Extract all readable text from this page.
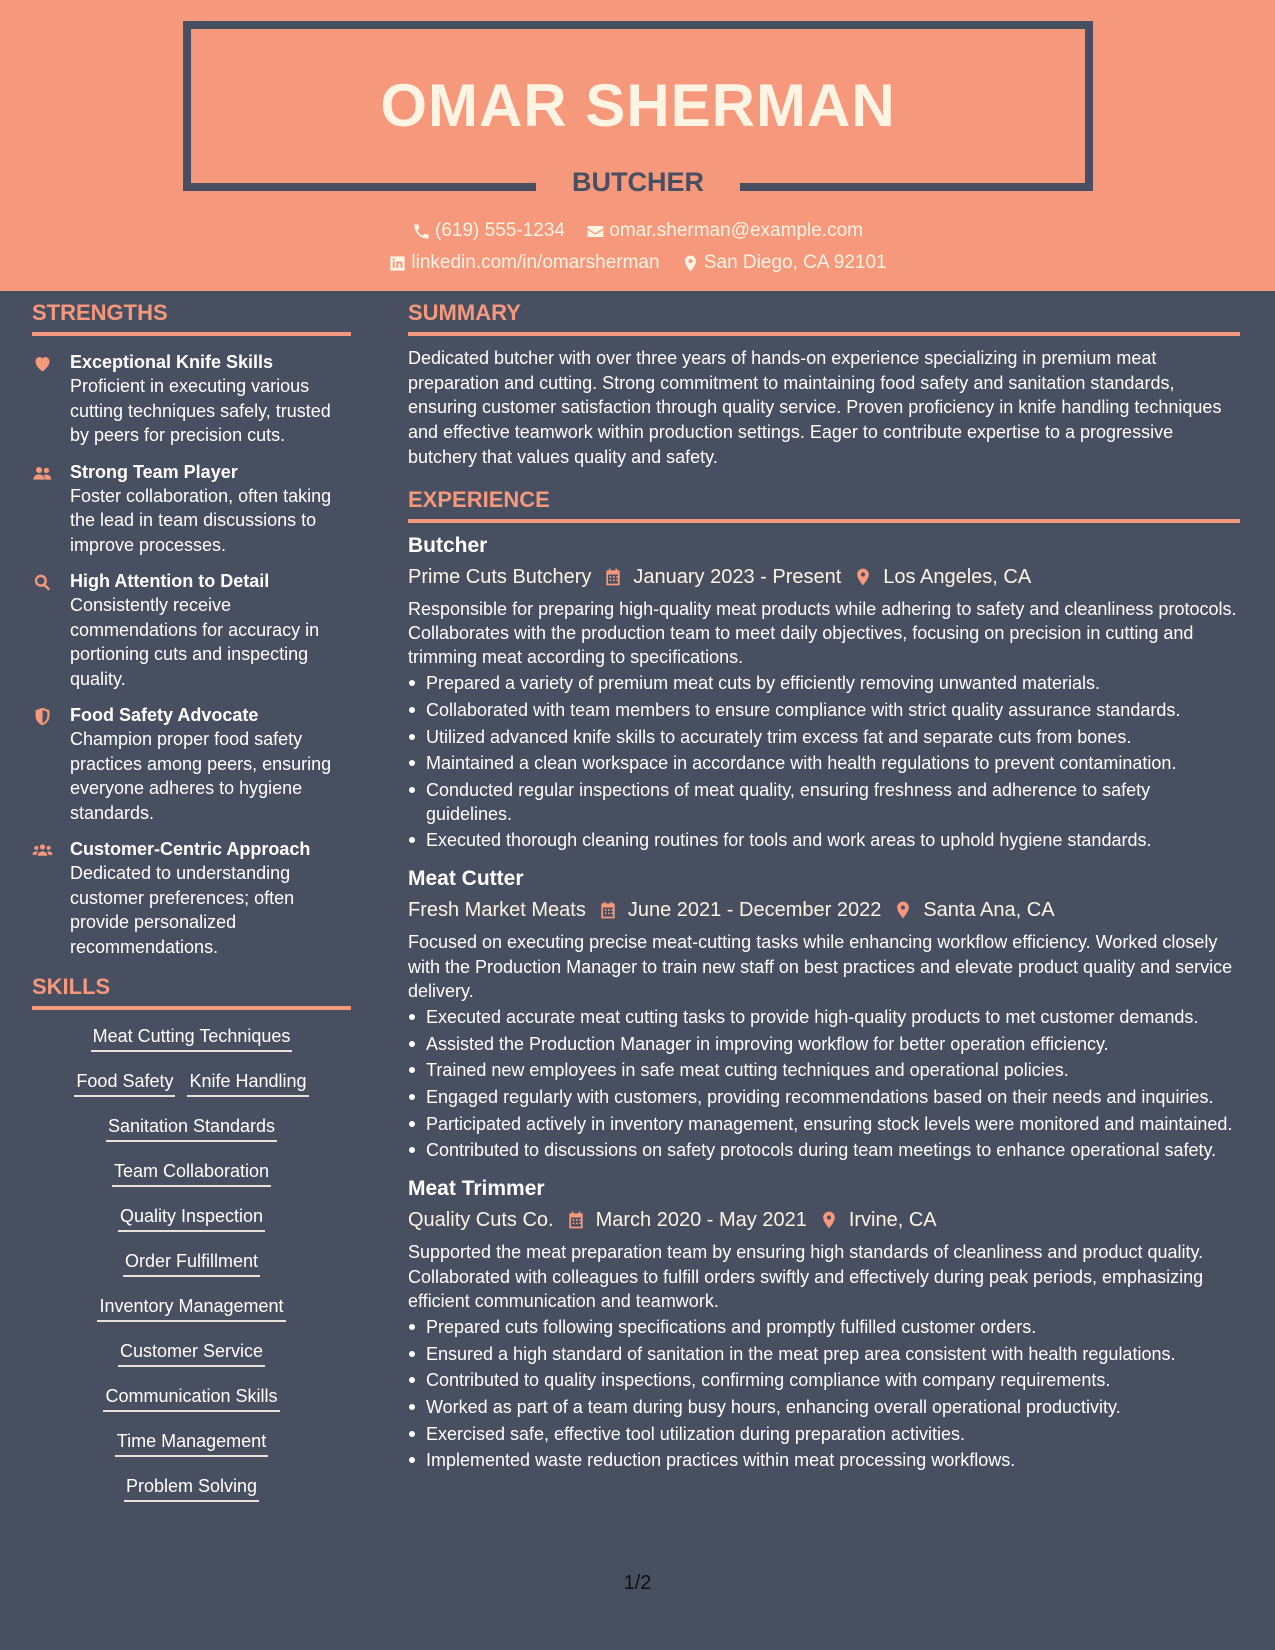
OMAR SHERMAN
BUTCHER
(619) 555-1234
omar.sherman@example.com
linkedin.com/in/omarsherman
San Diego, CA 92101
STRENGTHS
Exceptional Knife Skills
Proficient in executing various cutting techniques safely, trusted by peers for precision cuts.
Strong Team Player
Foster collaboration, often taking the lead in team discussions to improve processes.
High Attention to Detail
Consistently receive commendations for accuracy in portioning cuts and inspecting quality.
Food Safety Advocate
Champion proper food safety practices among peers, ensuring everyone adheres to hygiene standards.
Customer-Centric Approach
Dedicated to understanding customer preferences; often provide personalized recommendations.
SKILLS
Meat Cutting Techniques
Food Safety Knife Handling
Sanitation Standards
Team Collaboration
Quality Inspection
Order Fulfillment
Inventory Management
Customer Service
Communication Skills
Time Management
Problem Solving
SUMMARY
Dedicated butcher with over three years of hands-on experience specializing in premium meat preparation and cutting. Strong commitment to maintaining food safety and sanitation standards, ensuring customer satisfaction through quality service. Proven proficiency in knife handling techniques and effective teamwork within production settings. Eager to contribute expertise to a progressive butchery that values quality and safety.
EXPERIENCE
Butcher
Prime Cuts Butchery January 2023 - Present Los Angeles, CA
Responsible for preparing high-quality meat products while adhering to safety and cleanliness protocols. Collaborates with the production team to meet daily objectives, focusing on precision in cutting and trimming meat according to specifications.
Prepared a variety of premium meat cuts by efficiently removing unwanted materials.
Collaborated with team members to ensure compliance with strict quality assurance standards.
Utilized advanced knife skills to accurately trim excess fat and separate cuts from bones.
Maintained a clean workspace in accordance with health regulations to prevent contamination.
Conducted regular inspections of meat quality, ensuring freshness and adherence to safety guidelines.
Executed thorough cleaning routines for tools and work areas to uphold hygiene standards.
Meat Cutter
Fresh Market Meats June 2021 - December 2022 Santa Ana, CA
Focused on executing precise meat-cutting tasks while enhancing workflow efficiency. Worked closely with the Production Manager to train new staff on best practices and elevate product quality and service delivery.
Executed accurate meat cutting tasks to provide high-quality products to met customer demands.
Assisted the Production Manager in improving workflow for better operation efficiency.
Trained new employees in safe meat cutting techniques and operational policies.
Engaged regularly with customers, providing recommendations based on their needs and inquiries.
Participated actively in inventory management, ensuring stock levels were monitored and maintained.
Contributed to discussions on safety protocols during team meetings to enhance operational safety.
Meat Trimmer
Quality Cuts Co. March 2020 - May 2021 Irvine, CA
Supported the meat preparation team by ensuring high standards of cleanliness and product quality. Collaborated with colleagues to fulfill orders swiftly and effectively during peak periods, emphasizing efficient communication and teamwork.
Prepared cuts following specifications and promptly fulfilled customer orders.
Ensured a high standard of sanitation in the meat prep area consistent with health regulations.
Contributed to quality inspections, confirming compliance with company requirements.
Worked as part of a team during busy hours, enhancing overall operational productivity.
Exercised safe, effective tool utilization during preparation activities.
Implemented waste reduction practices within meat processing workflows.
1/2
